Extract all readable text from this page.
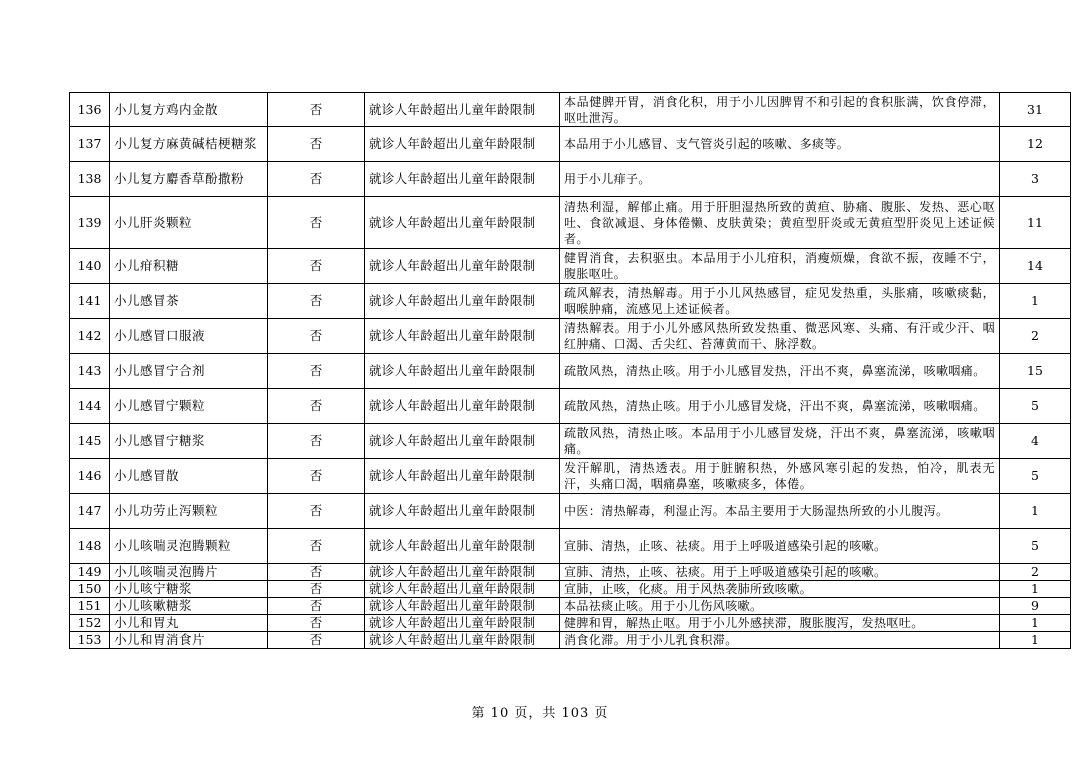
136	小儿复方鸡内金散	否	就诊人年龄超出儿童年龄限制	本品健脾开胃，消食化积，用于小儿因脾胃不和引起的食积胀满，饮食停滞，呕吐泄泻。	31
137	小儿复方麻黄碱桔梗糖浆	否	就诊人年龄超出儿童年龄限制	本品用于小儿感冒、支气管炎引起的咳嗽、多痰等。	12
138	小儿复方麝香草酚撒粉	否	就诊人年龄超出儿童年龄限制	用于小儿痱子。	3
139	小儿肝炎颗粒	否	就诊人年龄超出儿童年龄限制	清热利湿，解郁止痛。用于肝胆湿热所致的黄疸、胁痛、腹胀、发热、恶心呕吐、食欲减退、身体倦懒、皮肤黄染；黄疸型肝炎或无黄疸型肝炎见上述证候者。	11
140	小儿疳积糖	否	就诊人年龄超出儿童年龄限制	健胃消食，去积驱虫。本品用于小儿疳积，消瘦烦燥，食欲不振，夜睡不宁，腹胀呕吐。	14
141	小儿感冒茶	否	就诊人年龄超出儿童年龄限制	疏风解表，清热解毒。用于小儿风热感冒，症见发热重，头胀痛，咳嗽痰黏，咽喉肿痛，流感见上述证候者。	1
142	小儿感冒口服液	否	就诊人年龄超出儿童年龄限制	清热解表。用于小儿外感风热所致发热重、微恶风寒、头痛、有汗或少汗、咽红肿痛、口渴、舌尖红、苔薄黄而干、脉浮数。	2
143	小儿感冒宁合剂	否	就诊人年龄超出儿童年龄限制	疏散风热，清热止咳。用于小儿感冒发热，汗出不爽，鼻塞流涕，咳嗽咽痛。	15
144	小儿感冒宁颗粒	否	就诊人年龄超出儿童年龄限制	疏散风热，清热止咳。用于小儿感冒发烧，汗出不爽，鼻塞流涕，咳嗽咽痛。	5
145	小儿感冒宁糖浆	否	就诊人年龄超出儿童年龄限制	疏散风热，清热止咳。本品用于小儿感冒发烧，汗出不爽，鼻塞流涕，咳嗽咽痛。	4
146	小儿感冒散	否	就诊人年龄超出儿童年龄限制	发汗解肌，清热透表。用于脏腑积热，外感风寒引起的发热，怕冷，肌表无汗，头痛口渴，咽痛鼻塞，咳嗽痰多，体倦。	5
147	小儿功劳止泻颗粒	否	就诊人年龄超出儿童年龄限制	中医：清热解毒，利湿止泻。本品主要用于大肠湿热所致的小儿腹泻。	1
148	小儿咳喘灵泡腾颗粒	否	就诊人年龄超出儿童年龄限制	宣肺、清热，止咳、祛痰。用于上呼吸道感染引起的咳嗽。	5
149	小儿咳喘灵泡腾片	否	就诊人年龄超出儿童年龄限制	宣肺、清热，止咳、祛痰。用于上呼吸道感染引起的咳嗽。	2
150	小儿咳宁糖浆	否	就诊人年龄超出儿童年龄限制	宣肺，止咳，化痰。用于风热袭肺所致咳嗽。	1
151	小儿咳嗽糖浆	否	就诊人年龄超出儿童年龄限制	本品祛痰止咳。用于小儿伤风咳嗽。	9
152	小儿和胃丸	否	就诊人年龄超出儿童年龄限制	健脾和胃，解热止呕。用于小儿外感挟滞，腹胀腹泻，发热呕吐。	1
153	小儿和胃消食片	否	就诊人年龄超出儿童年龄限制	消食化滞。用于小儿乳食积滞。	1
第 10 页，共 103 页
